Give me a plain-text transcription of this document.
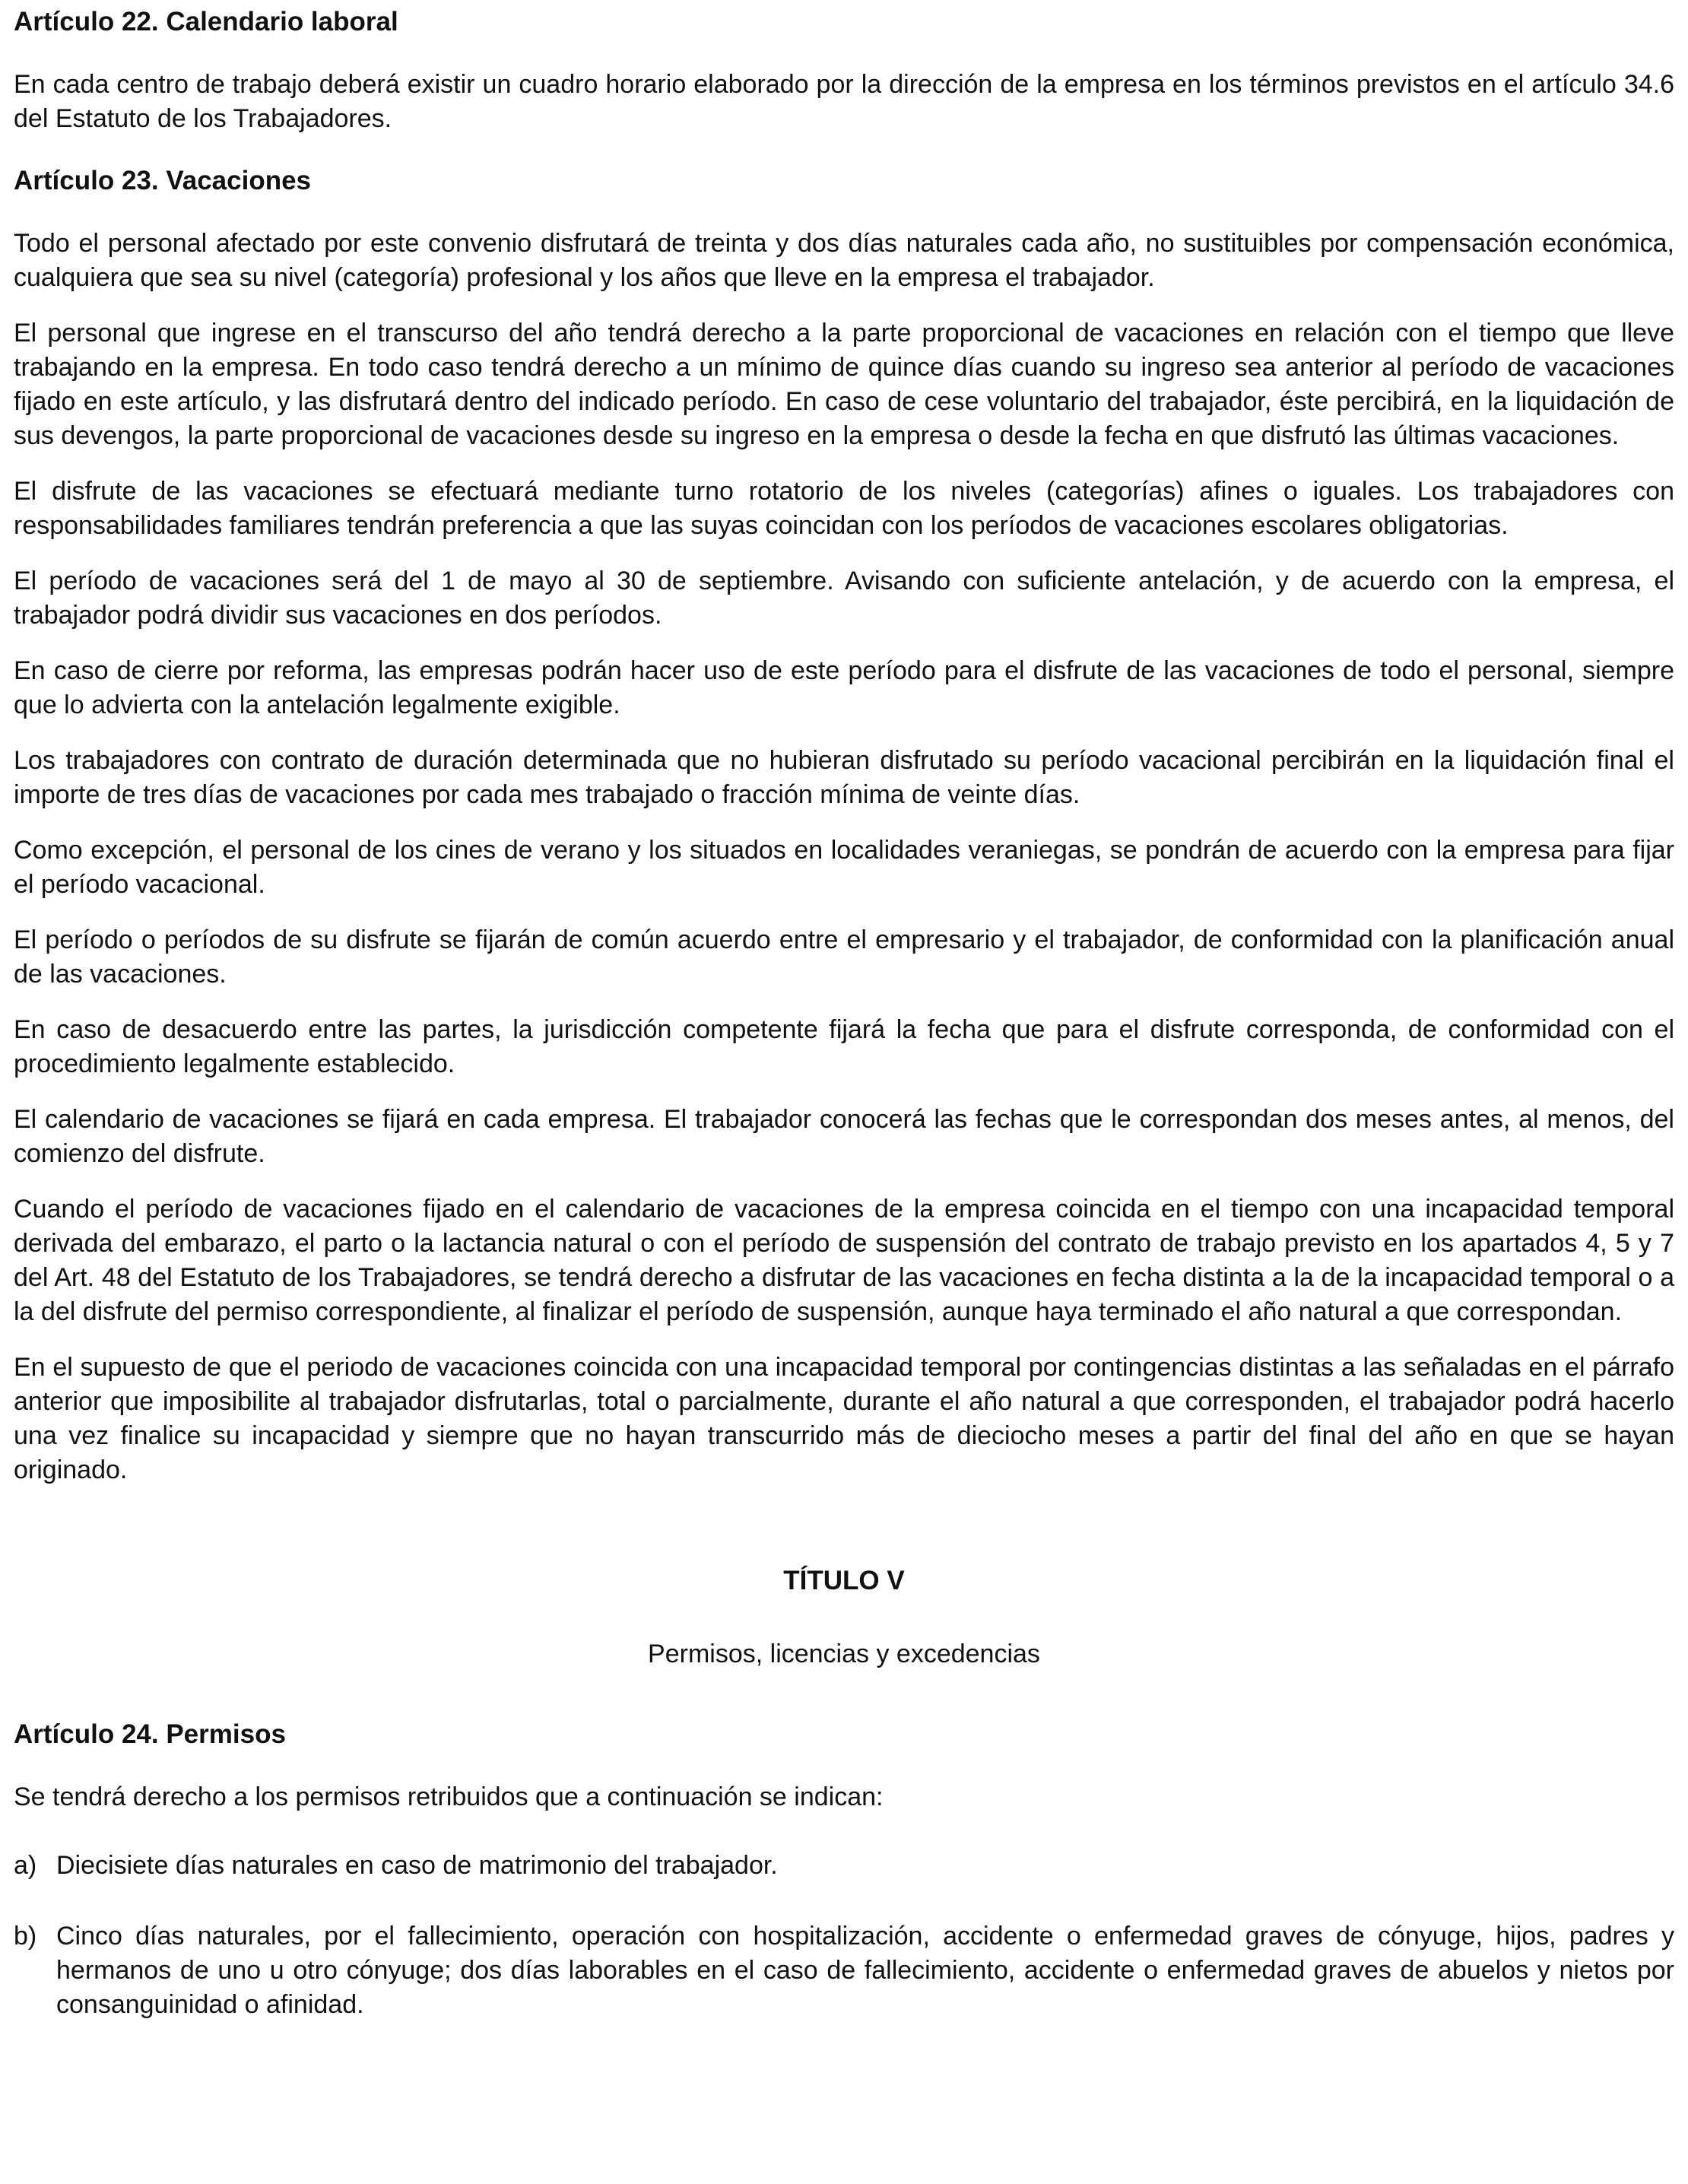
Artículo 22. Calendario laboral

En cada centro de trabajo deberá existir un cuadro horario elaborado por la dirección de la empresa en los términos previstos en el artículo 34.6 del Estatuto de los Trabajadores.

Artículo 23. Vacaciones

Todo el personal afectado por este convenio disfrutará de treinta y dos días naturales cada año, no sustituibles por compensación económica, cualquiera que sea su nivel (categoría) profesional y los años que lleve en la empresa el trabajador.

El personal que ingrese en el transcurso del año tendrá derecho a la parte proporcional de vacaciones en relación con el tiempo que lleve trabajando en la empresa. En todo caso tendrá derecho a un mínimo de quince días cuando su ingreso sea anterior al período de vacaciones fijado en este artículo, y las disfrutará dentro del indicado período. En caso de cese voluntario del trabajador, éste percibirá, en la liquidación de sus devengos, la parte proporcional de vacaciones desde su ingreso en la empresa o desde la fecha en que disfrutó las últimas vacaciones.

El disfrute de las vacaciones se efectuará mediante turno rotatorio de los niveles (categorías) afines o iguales. Los trabajadores con responsabilidades familiares tendrán preferencia a que las suyas coincidan con los períodos de vacaciones escolares obligatorias.

El período de vacaciones será del 1 de mayo al 30 de septiembre. Avisando con suficiente antelación, y de acuerdo con la empresa, el trabajador podrá dividir sus vacaciones en dos períodos.

En caso de cierre por reforma, las empresas podrán hacer uso de este período para el disfrute de las vacaciones de todo el personal, siempre que lo advierta con la antelación legalmente exigible.

Los trabajadores con contrato de duración determinada que no hubieran disfrutado su período vacacional percibirán en la liquidación final el importe de tres días de vacaciones por cada mes trabajado o fracción mínima de veinte días.

Como excepción, el personal de los cines de verano y los situados en localidades veraniegas, se pondrán de acuerdo con la empresa para fijar el período vacacional.

El período o períodos de su disfrute se fijarán de común acuerdo entre el empresario y el trabajador, de conformidad con la planificación anual de las vacaciones.

En caso de desacuerdo entre las partes, la jurisdicción competente fijará la fecha que para el disfrute corresponda, de conformidad con el procedimiento legalmente establecido.

El calendario de vacaciones se fijará en cada empresa. El trabajador conocerá las fechas que le correspondan dos meses antes, al menos, del comienzo del disfrute.

Cuando el período de vacaciones fijado en el calendario de vacaciones de la empresa coincida en el tiempo con una incapacidad temporal derivada del embarazo, el parto o la lactancia natural o con el período de suspensión del contrato de trabajo previsto en los apartados 4, 5 y 7 del Art. 48 del Estatuto de los Trabajadores, se tendrá derecho a disfrutar de las vacaciones en fecha distinta a la de la incapacidad temporal o a la del disfrute del permiso correspondiente, al finalizar el período de suspensión, aunque haya terminado el año natural a que correspondan.

En el supuesto de que el periodo de vacaciones coincida con una incapacidad temporal por contingencias distintas a las señaladas en el párrafo anterior que imposibilite al trabajador disfrutarlas, total o parcialmente, durante el año natural a que corresponden, el trabajador podrá hacerlo una vez finalice su incapacidad y siempre que no hayan transcurrido más de dieciocho meses a partir del final del año en que se hayan originado.

TÍTULO V

Permisos, licencias y excedencias

Artículo 24. Permisos

Se tendrá derecho a los permisos retribuidos que a continuación se indican:

a) Diecisiete días naturales en caso de matrimonio del trabajador.
b) Cinco días naturales, por el fallecimiento, operación con hospitalización, accidente o enfermedad graves de cónyuge, hijos, padres y hermanos de uno u otro cónyuge; dos días laborables en el caso de fallecimiento, accidente o enfermedad graves de abuelos y nietos por consanguinidad o afinidad.
